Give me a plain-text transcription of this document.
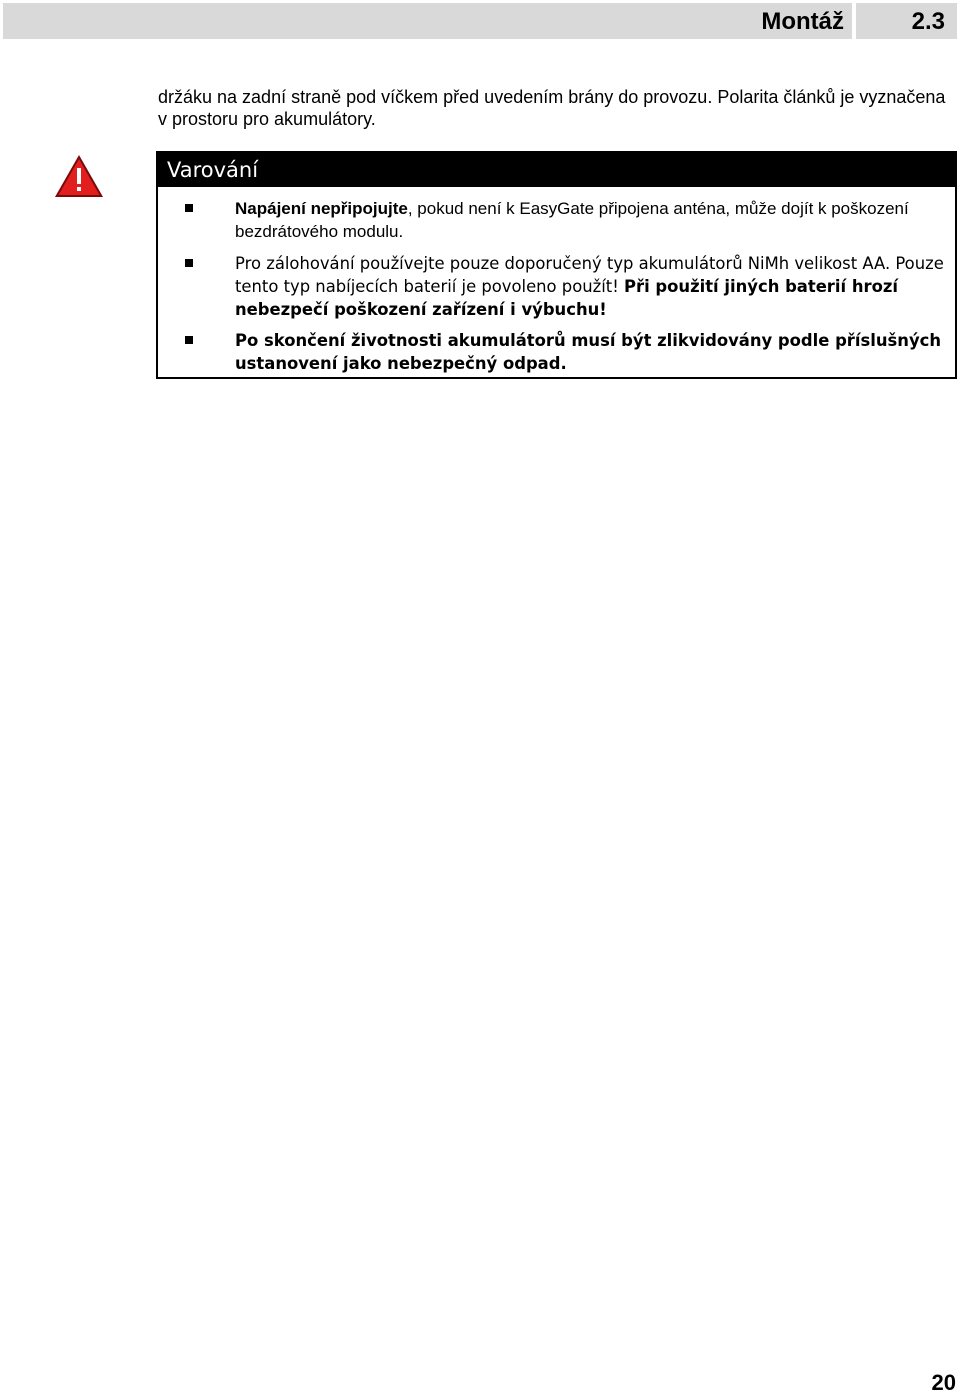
Montáž	2.3

držáku na zadní straně pod víčkem před uvedením brány do provozu. Polarita článků je vyznačena v prostoru pro akumulátory.

Varování
Napájení nepřipojujte, pokud není k EasyGate připojena anténa, může dojít k poškození bezdrátového modulu.
Pro zálohování používejte pouze doporučený typ akumulátorů NiMh velikost AA. Pouze tento typ nabíjecích baterií je povoleno použít! Při použití jiných baterií hrozí nebezpečí poškození zařízení i výbuchu!
Po skončení životnosti akumulátorů musí být zlikvidovány podle příslušných ustanovení jako nebezpečný odpad.
20
